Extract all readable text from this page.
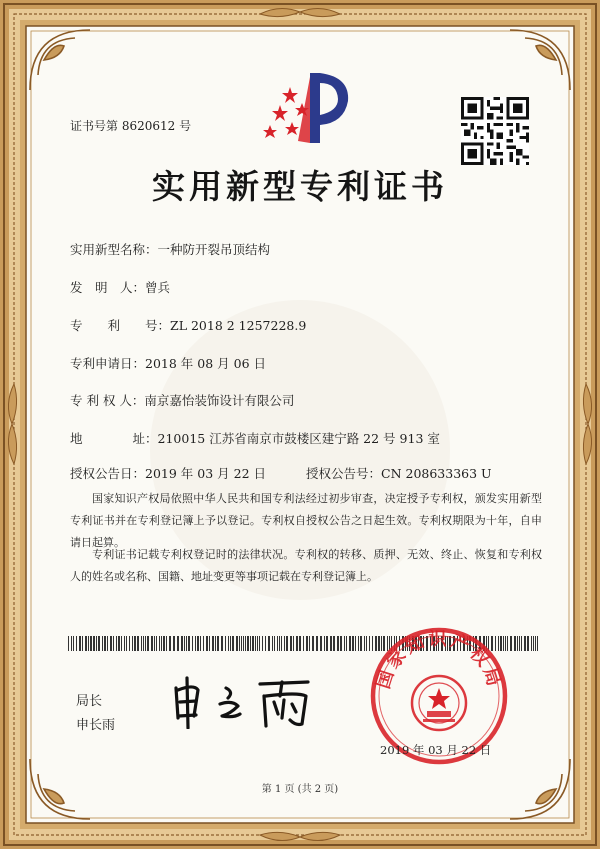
证书号第 8620612 号
实用新型专利证书
实用新型名称：一种防开裂吊顶结构
发　明　人：曾兵
专　　利　　号：ZL 2018 2 1257228.9
专利申请日：2018 年 08 月 06 日
专 利 权 人：南京嘉怡装饰设计有限公司
地　　　　址：210015 江苏省南京市鼓楼区建宁路 22 号 913 室
授权公告日：2019 年 03 月 22 日	授权公告号：CN 208633363 U
国家知识产权局依照中华人民共和国专利法经过初步审查，决定授予专利权，颁发实用新型专利证书并在专利登记簿上予以登记。专利权自授权公告之日起生效。专利权期限为十年，自申请日起算。
专利证书记载专利权登记时的法律状况。专利权的转移、质押、无效、终止、恢复和专利权人的姓名或名称、国籍、地址变更等事项记载在专利登记簿上。
局长
申长雨
国家知识产权局
2019 年 03 月 22 日
第 1 页 (共 2 页)
